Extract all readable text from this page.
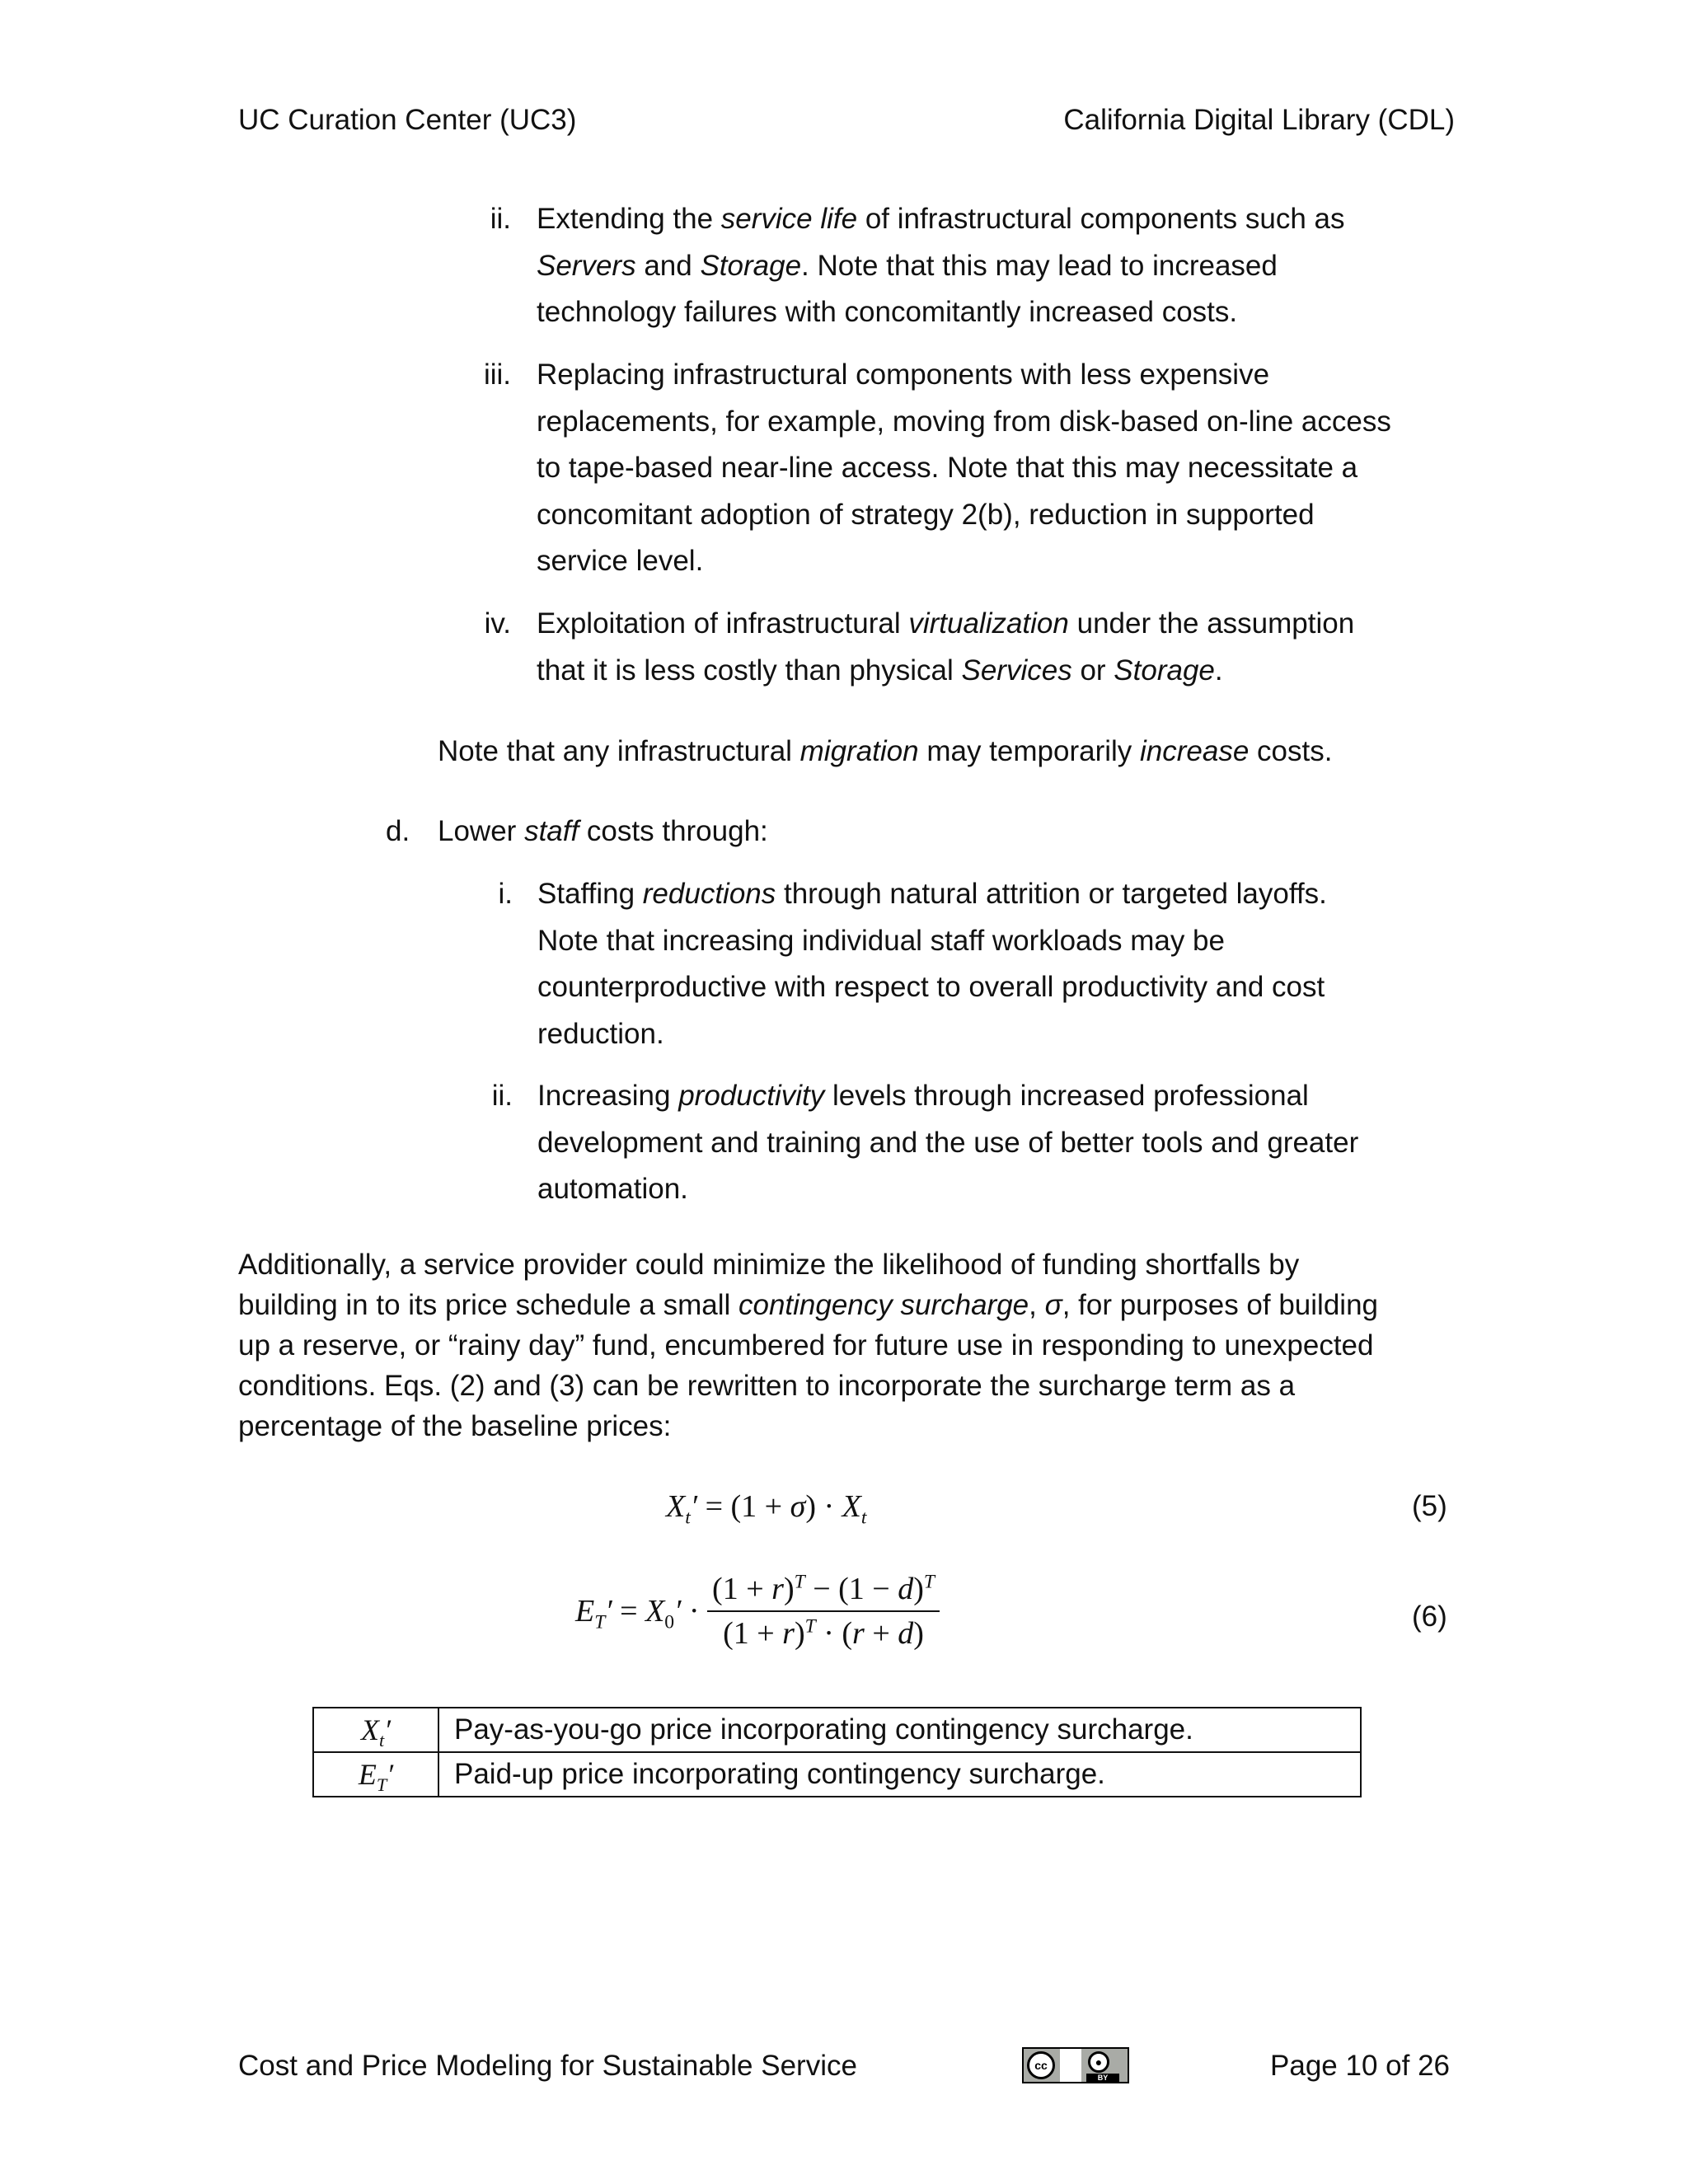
UC Curation Center (UC3)	California Digital Library (CDL)
ii. Extending the service life of infrastructural components such as
Servers and Storage. Note that this may lead to increased
technology failures with concomitantly increased costs.
iii. Replacing infrastructural components with less expensive
replacements, for example, moving from disk-based on-line access
to tape-based near-line access. Note that this may necessitate a
concomitant adoption of strategy 2(b), reduction in supported
service level.
iv. Exploitation of infrastructural virtualization under the assumption
that it is less costly than physical Services or Storage.
Note that any infrastructural migration may temporarily increase costs.
d. Lower staff costs through:
i. Staffing reductions through natural attrition or targeted layoffs.
Note that increasing individual staff workloads may be
counterproductive with respect to overall productivity and cost
reduction.
ii. Increasing productivity levels through increased professional
development and training and the use of better tools and greater
automation.
Additionally, a service provider could minimize the likelihood of funding shortfalls by
building in to its price schedule a small contingency surcharge, σ, for purposes of building
up a reserve, or “rainy day” fund, encumbered for future use in responding to unexpected
conditions. Eqs. (2) and (3) can be rewritten to incorporate the surcharge term as a
percentage of the baseline prices:
$X_t' = (1 + \sigma) \cdot X_t$	(5)
$E_T' = X_0' \cdot \frac{(1 + r)^T - (1 - d)^T}{(1 + r)^T \cdot (r + d)}$	(6)
$X_t'$	Pay-as-you-go price incorporating contingency surcharge.
$E_T'$	Paid-up price incorporating contingency surcharge.
Cost and Price Modeling for Sustainable Service	cc	●
BY	Page 10 of 26
